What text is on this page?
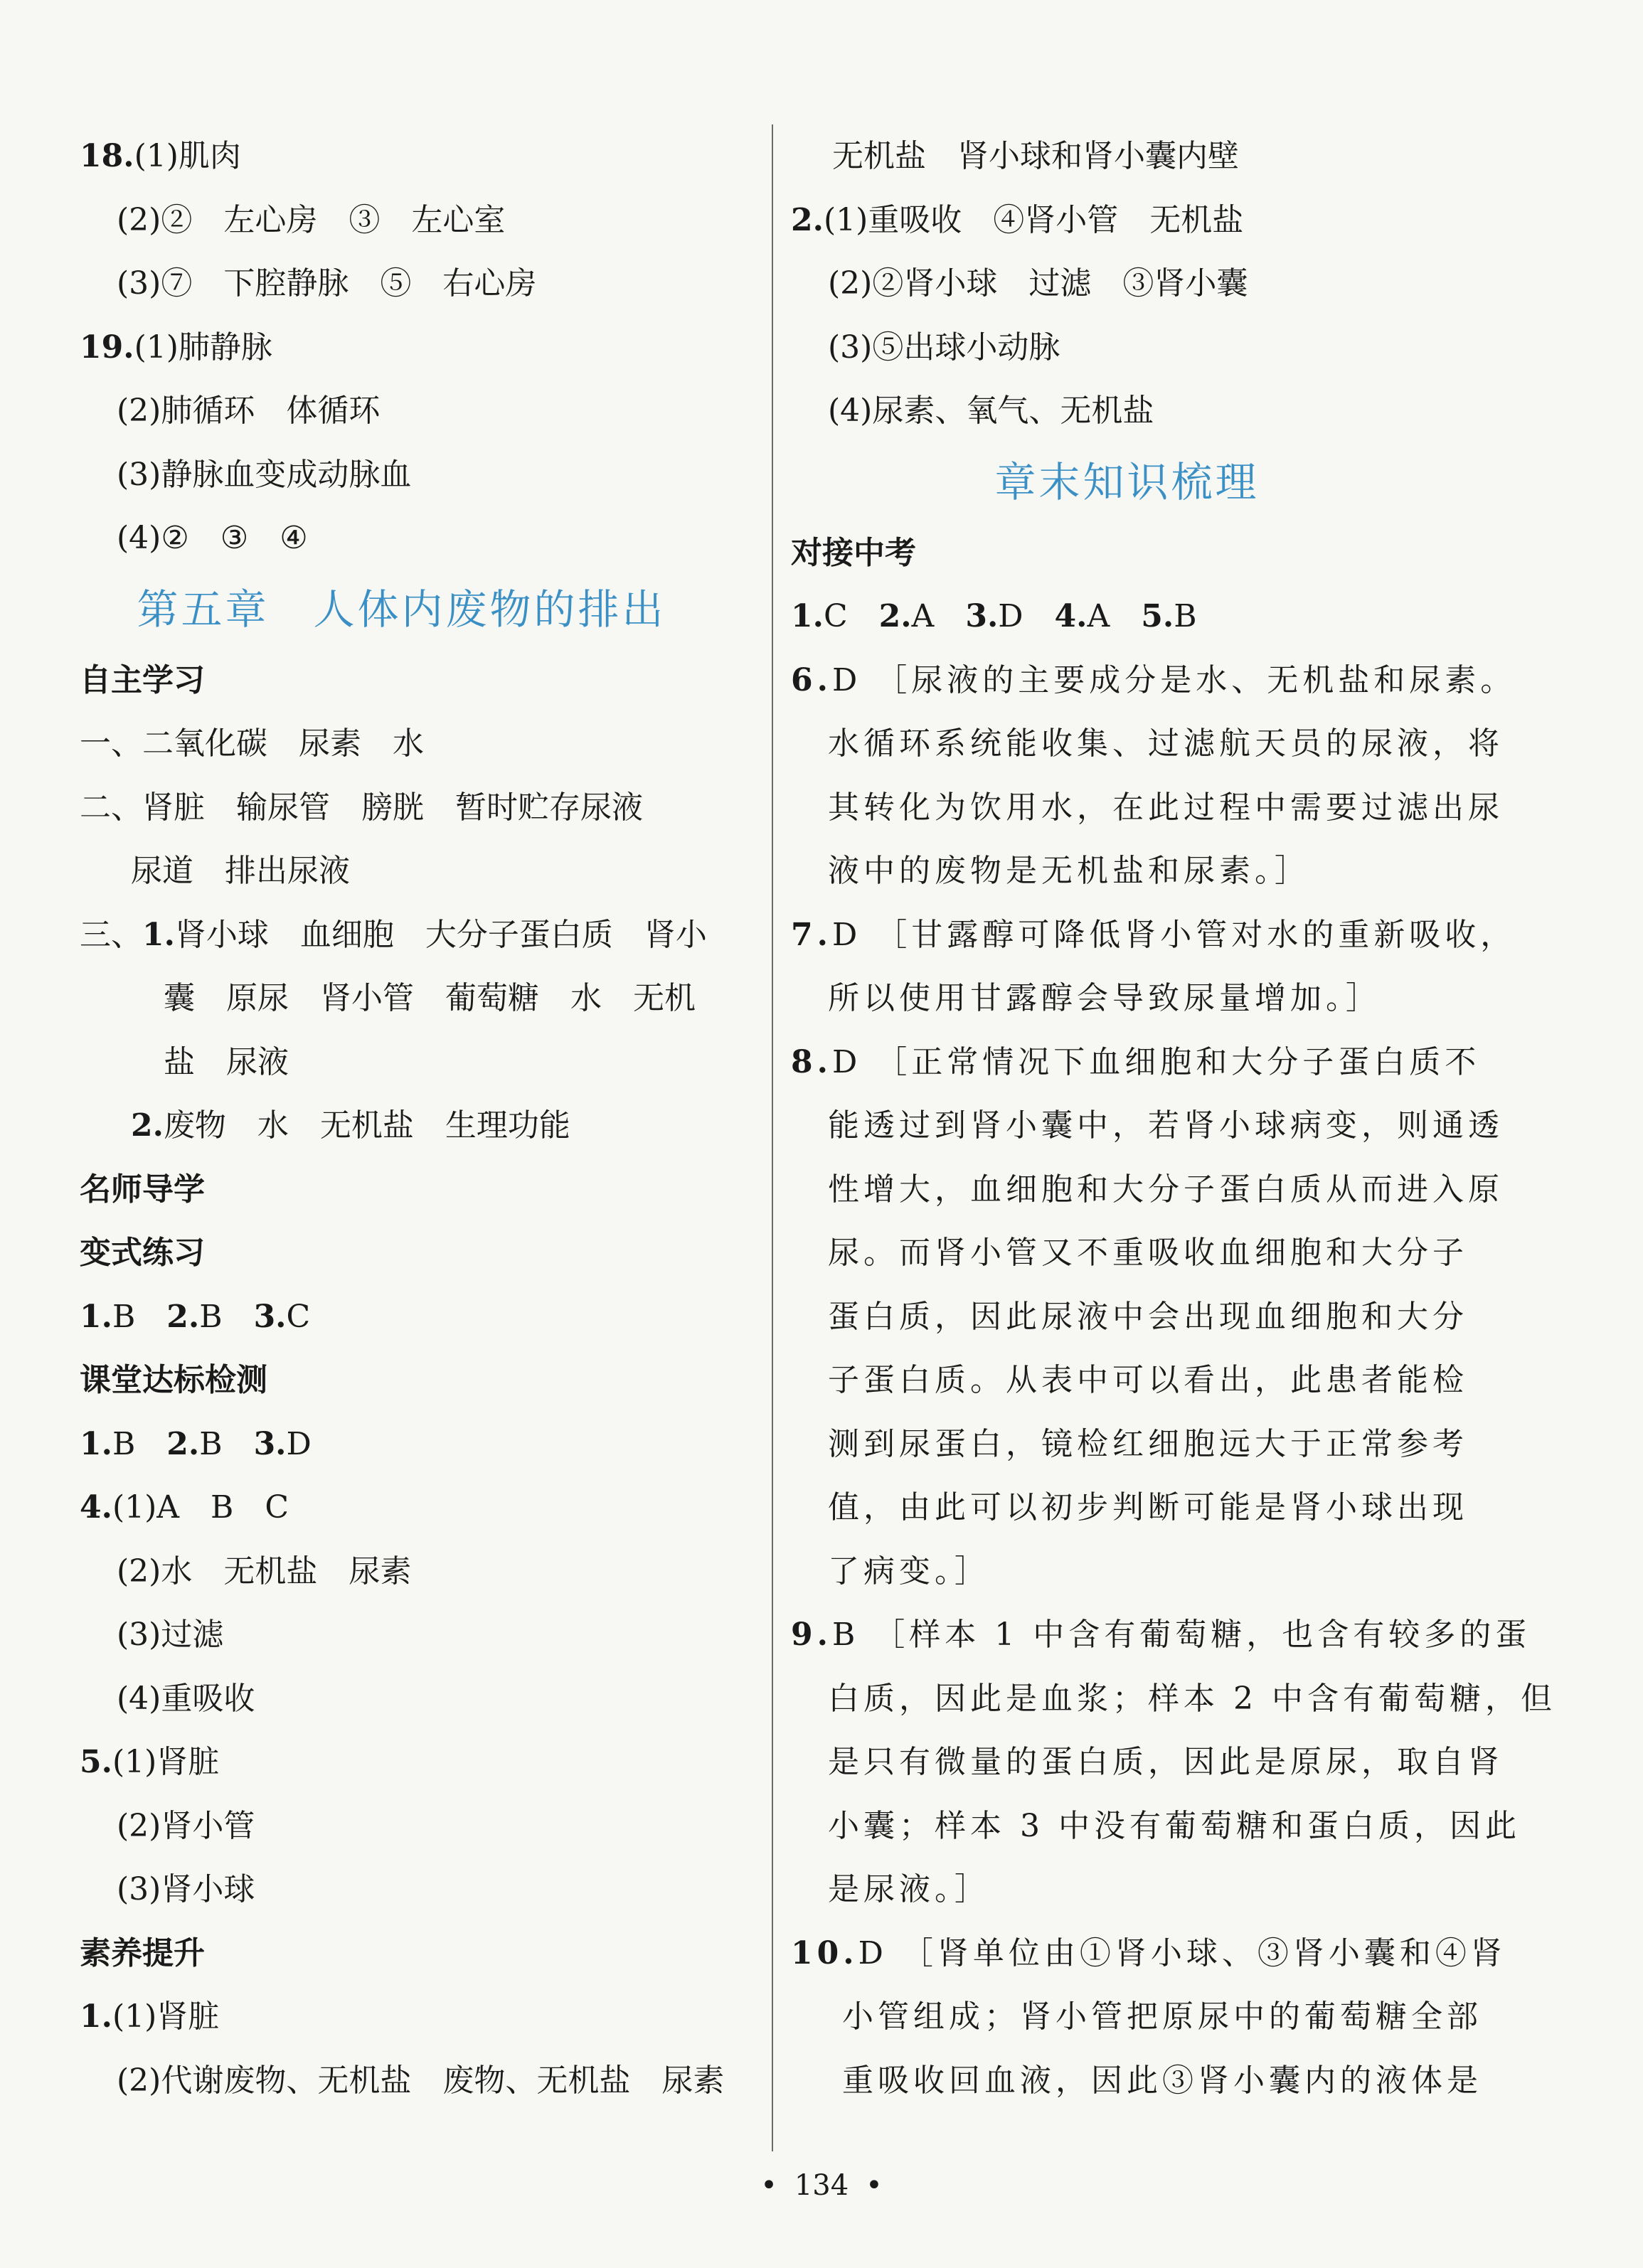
18.(1)肌肉
(2)②　左心房　③　左心室
(3)⑦　下腔静脉　⑤　右心房
19.(1)肺静脉
(2)肺循环　体循环
(3)静脉血变成动脉血
(4)②　③　④
第五章　人体内废物的排出
自主学习
一、二氧化碳　尿素　水
二、肾脏　输尿管　膀胱　暂时贮存尿液
尿道　排出尿液
三、1.肾小球　血细胞　大分子蛋白质　肾小
囊　原尿　肾小管　葡萄糖　水　无机
盐　尿液
2.废物　水　无机盐　生理功能
名师导学
变式练习
1.B　 2.B　 3.C
课堂达标检测
1.B　 2.B　 3.D
4.(1)A　B　C
(2)水　无机盐　尿素
(3)过滤
(4)重吸收
5.(1)肾脏
(2)肾小管
(3)肾小球
素养提升
1.(1)肾脏
(2)代谢废物、无机盐　废物、无机盐　尿素
无机盐　肾小球和肾小囊内壁
2.(1)重吸收　④肾小管　无机盐
(2)②肾小球　过滤　③肾小囊
(3)⑤出球小动脉
(4)尿素、氧气、无机盐
章末知识梳理
对接中考
1.C　 2.A　 3.D　 4.A　 5.B
6.D ［尿液的主要成分是水、无机盐和尿素。
水循环系统能收集、过滤航天员的尿液，将
其转化为饮用水，在此过程中需要过滤出尿
液中的废物是无机盐和尿素。］
7.D ［甘露醇可降低肾小管对水的重新吸收，
所以使用甘露醇会导致尿量增加。］
8.D ［正常情况下血细胞和大分子蛋白质不
能透过到肾小囊中，若肾小球病变，则通透
性增大，血细胞和大分子蛋白质从而进入原
尿。而肾小管又不重吸收血细胞和大分子
蛋白质，因此尿液中会出现血细胞和大分
子蛋白质。从表中可以看出，此患者能检
测到尿蛋白，镜检红细胞远大于正常参考
值，由此可以初步判断可能是肾小球出现
了病变。］
9.B ［样本 1 中含有葡萄糖，也含有较多的蛋
白质，因此是血浆；样本 2 中含有葡萄糖，但
是只有微量的蛋白质，因此是原尿，取自肾
小囊；样本 3 中没有葡萄糖和蛋白质，因此
是尿液。］
10.D ［肾单位由①肾小球、③肾小囊和④肾
小管组成；肾小管把原尿中的葡萄糖全部
重吸收回血液，因此③肾小囊内的液体是
• 134 •
